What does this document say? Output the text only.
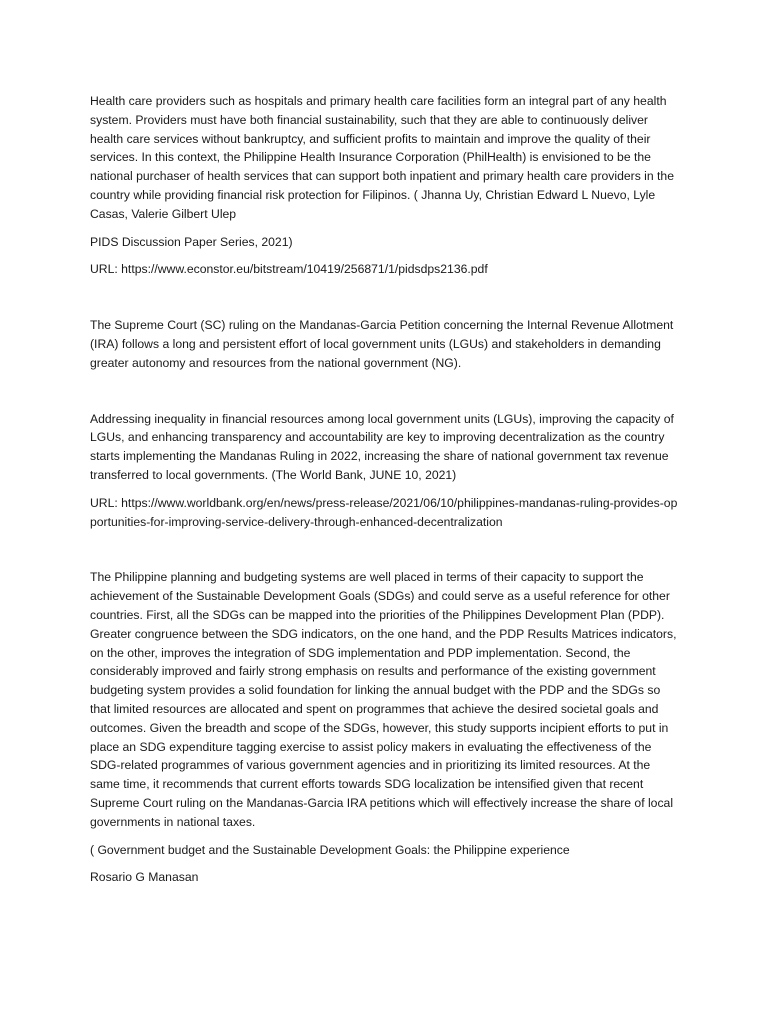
Health care providers such as hospitals and primary health care facilities form an integral part of any health system. Providers must have both financial sustainability, such that they are able to continuously deliver health care services without bankruptcy, and sufficient profits to maintain and improve the quality of their services. In this context, the Philippine Health Insurance Corporation (PhilHealth) is envisioned to be the national purchaser of health services that can support both inpatient and primary health care providers in the country while providing financial risk protection for Filipinos. ( Jhanna Uy, Christian Edward L Nuevo, Lyle Casas, Valerie Gilbert Ulep

PIDS Discussion Paper Series, 2021)

URL: https://www.econstor.eu/bitstream/10419/256871/1/pidsdps2136.pdf

The Supreme Court (SC) ruling on the Mandanas-Garcia Petition concerning the Internal Revenue Allotment (IRA) follows a long and persistent effort of local government units (LGUs) and stakeholders in demanding greater autonomy and resources from the national government (NG).

Addressing inequality in financial resources among local government units (LGUs), improving the capacity of LGUs, and enhancing transparency and accountability are key to improving decentralization as the country starts implementing the Mandanas Ruling in 2022, increasing the share of national government tax revenue transferred to local governments. (The World Bank, JUNE 10, 2021)

URL: https://www.worldbank.org/en/news/press-release/2021/06/10/philippines-mandanas-ruling-provides-opportunities-for-improving-service-delivery-through-enhanced-decentralization

The Philippine planning and budgeting systems are well placed in terms of their capacity to support the achievement of the Sustainable Development Goals (SDGs) and could serve as a useful reference for other countries. First, all the SDGs can be mapped into the priorities of the Philippines Development Plan (PDP). Greater congruence between the SDG indicators, on the one hand, and the PDP Results Matrices indicators, on the other, improves the integration of SDG implementation and PDP implementation. Second, the considerably improved and fairly strong emphasis on results and performance of the existing government budgeting system provides a solid foundation for linking the annual budget with the PDP and the SDGs so that limited resources are allocated and spent on programmes that achieve the desired societal goals and outcomes. Given the breadth and scope of the SDGs, however, this study supports incipient efforts to put in place an SDG expenditure tagging exercise to assist policy makers in evaluating the effectiveness of the SDG-related programmes of various government agencies and in prioritizing its limited resources. At the same time, it recommends that current efforts towards SDG localization be intensified given that recent Supreme Court ruling on the Mandanas-Garcia IRA petitions which will effectively increase the share of local governments in national taxes.

( Government budget and the Sustainable Development Goals: the Philippine experience

Rosario G Manasan
